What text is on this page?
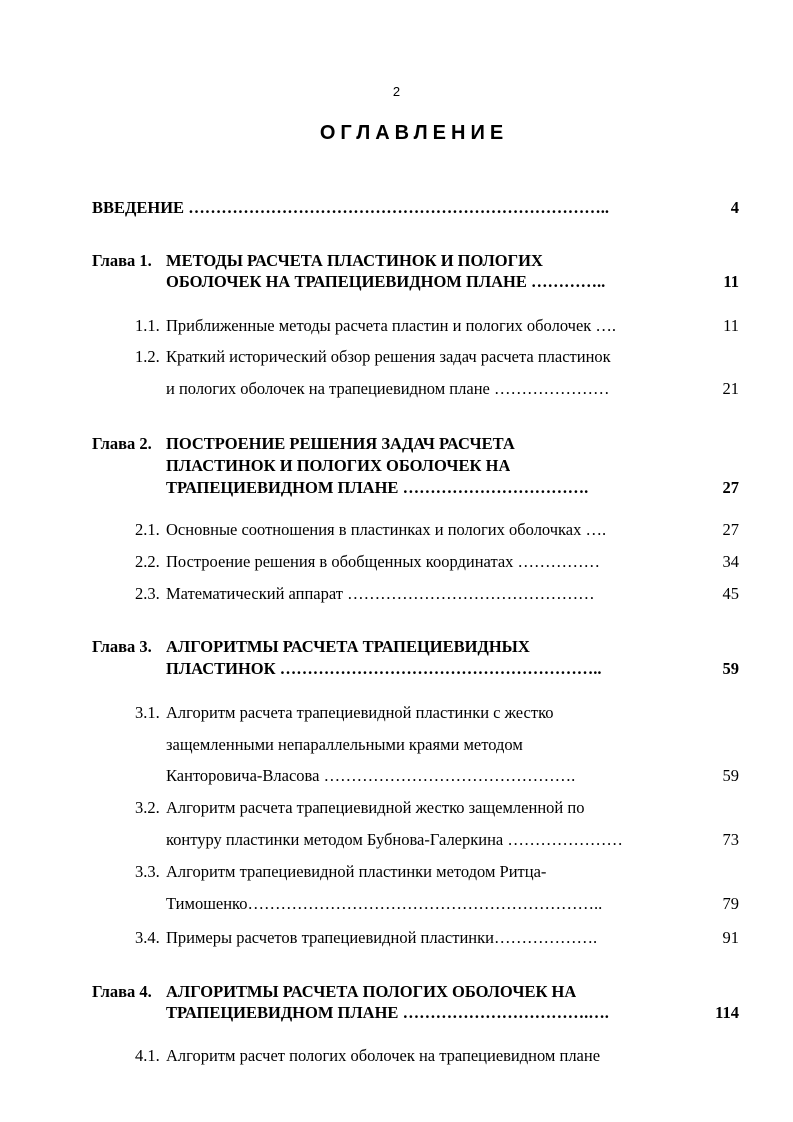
2
ОГЛАВЛЕНИЕ
ВВЕДЕНИЕ …………………………………………………………………..	4
Глава 1. МЕТОДЫ РАСЧЕТА ПЛАСТИНОК И ПОЛОГИХ
ОБОЛОЧЕК НА ТРАПЕЦИЕВИДНОМ ПЛАНЕ …………..	11
1.1. Приближенные методы расчета пластин и пологих оболочек ….	11
1.2. Краткий исторический обзор решения задач расчета пластинок
и пологих оболочек на трапециевидном плане …………………	21
Глава 2. ПОСТРОЕНИЕ РЕШЕНИЯ ЗАДАЧ РАСЧЕТА
ПЛАСТИНОК И ПОЛОГИХ ОБОЛОЧЕК НА
ТРАПЕЦИЕВИДНОМ ПЛАНЕ …………………………….	27
2.1. Основные соотношения в пластинках и пологих оболочках ….	27
2.2. Построение решения в обобщенных координатах ……………	34
2.3. Математический аппарат ………………………………………	45
Глава 3. АЛГОРИТМЫ РАСЧЕТА ТРАПЕЦИЕВИДНЫХ
ПЛАСТИНОК …………………………………………………..	59
3.1. Алгоритм расчета трапециевидной пластинки с жестко
защемленными непараллельными краями методом
Канторовича-Власова ……………………………………….	59
3.2. Алгоритм расчета трапециевидной жестко защемленной по
контуру пластинки методом Бубнова-Галеркина …………………	73
3.3. Алгоритм трапециевидной пластинки методом Ритца-
Тимошенко………………………………………………………..	79
3.4. Примеры расчетов трапециевидной пластинки……………….	91
Глава 4. АЛГОРИТМЫ РАСЧЕТА ПОЛОГИХ ОБОЛОЧЕК НА
ТРАПЕЦИЕВИДНОМ ПЛАНЕ …………………………….….	114
4.1. Алгоритм расчет пологих оболочек на трапециевидном плане
